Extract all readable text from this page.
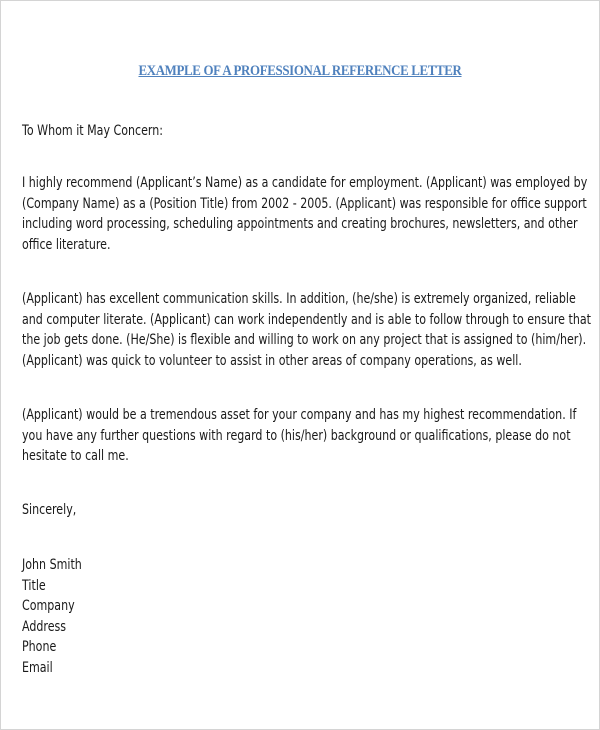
EXAMPLE OF A PROFESSIONAL REFERENCE LETTER
To Whom it May Concern:
I highly recommend (Applicant’s Name) as a candidate for employment. (Applicant) was employed by
(Company Name) as a (Position Title) from 2002 - 2005. (Applicant) was responsible for office support
including word processing, scheduling appointments and creating brochures, newsletters, and other
office literature.
(Applicant) has excellent communication skills. In addition, (he/she) is extremely organized, reliable
and computer literate. (Applicant) can work independently and is able to follow through to ensure that
the job gets done. (He/She) is flexible and willing to work on any project that is assigned to (him/her).
(Applicant) was quick to volunteer to assist in other areas of company operations, as well.
(Applicant) would be a tremendous asset for your company and has my highest recommendation. If
you have any further questions with regard to (his/her) background or qualifications, please do not
hesitate to call me.
Sincerely,
John Smith
Title
Company
Address
Phone
Email
